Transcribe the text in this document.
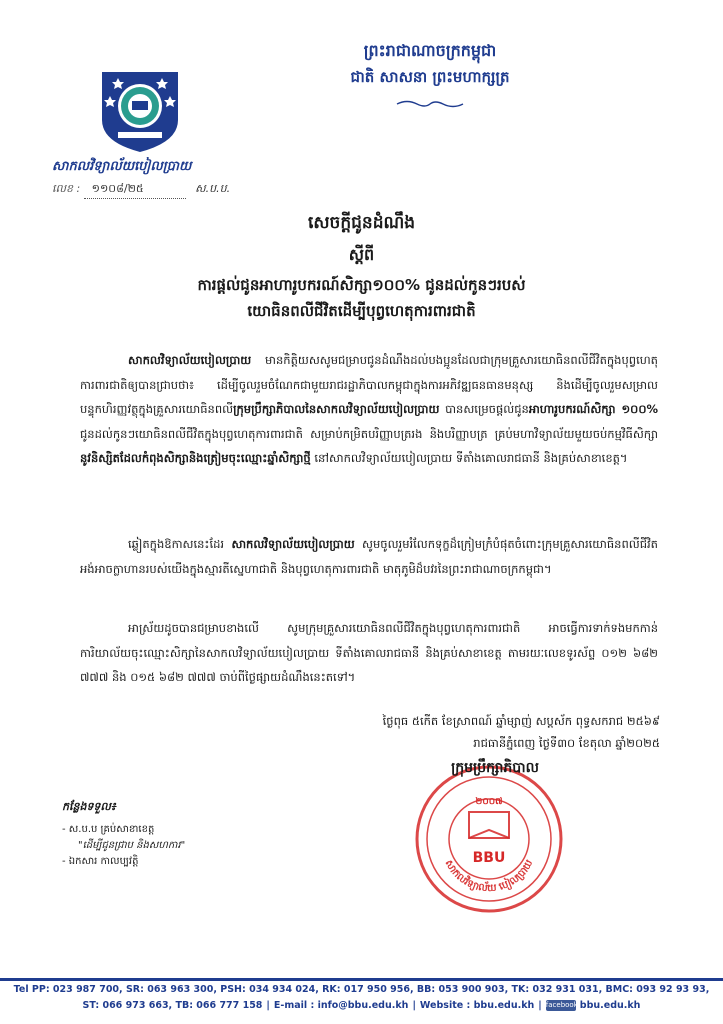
សាកលវិទ្យាល័យបៀលប្រាយ
លេខ : ១១០៨/២៥	ស.ប.ប.
ព្រះរាជាណាចក្រកម្ពុជា
ជាតិ សាសនា ព្រះមហាក្សត្រ
សេចក្តីជូនដំណឹង
ស្តីពី
ការផ្តល់ជូនអាហារូបករណ៍សិក្សា១០០% ជូនដល់កូនៗរបស់
យោធិនពលីជីវិតដើម្បីបុព្វហេតុការពារជាតិ
សាកលវិទ្យាល័យបៀលប្រាយ មានកិត្តិយសសូមជម្រាបជូនដំណឹងដល់បងប្អូនដែលជាក្រុមគ្រួសារយោធិនពលីជីវិតក្នុងបុព្វហេតុការពារជាតិឲ្យបានជ្រាបថា៖ ដើម្បីចូលរួមចំណែកជាមួយរាជរដ្ឋាភិបាលកម្ពុជាក្នុងការអភិវឌ្ឍធនធានមនុស្ស និងដើម្បីចូលរួមសម្រាលបន្ទុកហិរញ្ញវត្ថុក្នុងគ្រួសារយោធិនពលីក្រុមប្រឹក្សាភិបាលនៃសាកលវិទ្យាល័យបៀលប្រាយ បានសម្រេចផ្តល់ជូនអាហារូបករណ៍សិក្សា ១០០% ជូនដល់កូនៗយោធិនពលីជីវិតក្នុងបុព្វហេតុការពារជាតិ សម្រាប់កម្រិតបរិញ្ញាបត្ររង និងបរិញ្ញាបត្រ គ្រប់មហាវិទ្យាល័យមួយចប់កម្មវិធីសិក្សា នូវនិស្សិតដែលកំពុងសិក្សានិងត្រៀមចុះឈ្មោះឆ្នាំសិក្សាថ្មី នៅសាកលវិទ្យាល័យបៀលប្រាយ ទីតាំងគោលរាជធានី និងគ្រប់សាខាខេត្ត។
ឆ្លៀតក្នុងឱកាសនេះដែរ សាកលវិទ្យាល័យបៀលប្រាយ សូមចូលរួមរំលែកទុក្ខដ៏ក្រៀមក្រំបំផុតចំពោះក្រុមគ្រួសារយោធិនពលីជីវិតអង់អាចក្លាហានរបស់យើងក្នុងស្មារតីស្នេហាជាតិ និងបុព្វហេតុការពារជាតិ មាតុភូមិដ៏បវរនៃព្រះរាជាណាចក្រកម្ពុជា។
អាស្រ័យដូចបានជម្រាបខាងលើ សូមក្រុមគ្រួសារយោធិនពលីជីវិតក្នុងបុព្វហេតុការពារជាតិ អាចធ្វើការទាក់ទងមកកាន់ការិយាល័យចុះឈ្មោះសិក្សានៃសាកលវិទ្យាល័យបៀលប្រាយ ទីតាំងគោលរាជធានី និងគ្រប់សាខាខេត្ត តាមរយៈលេខទូរស័ព្ទ ០១២ ៦៨២ ៧៧៧ និង ០១៥ ៦៨២ ៧៧៧ ចាប់ពីថ្ងៃផ្សាយដំណឹងនេះតទៅ។
ថ្ងៃពុធ ៥កើត ខែស្រាពណ៍ ឆ្នាំម្សាញ់ សប្តស័ក ពុទ្ធសករាជ ២៥៦៩
រាជធានីភ្នំពេញ ថ្ងៃទី៣០ ខែតុលា ឆ្នាំ២០២៥
២០០៧
BBU
សាកលវិទ្យាល័យ បៀលប្រាយ
ក្រុមប្រឹក្សាភិបាល
កន្លែងទទួល៖
- ស.ប.ប គ្រប់សាខាខេត្ត
"ដើម្បីជូនជ្រាប និងសហការ"
- ឯកសារ កាលប្បវត្តិ
Tel PP: 023 987 700, SR: 063 963 300, PSH: 034 934 024, RK: 017 950 956, BB: 053 900 903, TK: 032 931 031, BMC: 093 92 93 93,
ST: 066 973 663, TB: 066 777 158 | E-mail : info@bbu.edu.kh | Website : bbu.edu.kh | facebook bbu.edu.kh
